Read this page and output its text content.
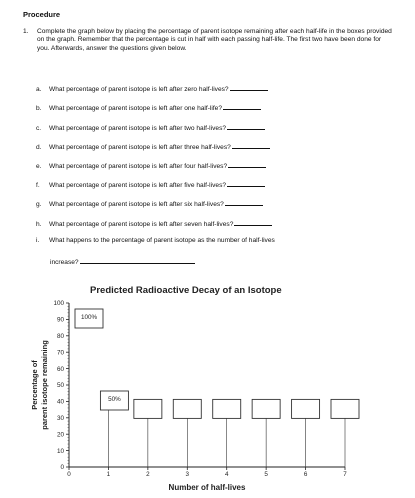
Procedure
1. Complete the graph below by placing the percentage of parent isotope remaining after each half-life in the boxes provided on the graph. Remember that the percentage is cut in half with each passing half-life. The first two have been done for you. Afterwards, answer the questions given below.
a. What percentage of parent isotope is left after zero half-lives?
b. What percentage of parent isotope is left after one half-life?
c. What percentage of parent isotope is left after two half-lives?
d. What percentage of parent isotope is left after three half-lives?
e. What percentage of parent isotope is left after four half-lives?
f. What percentage of parent isotope is left after five half-lives?
g. What percentage of parent isotope is left after six half-lives?
h. What percentage of parent isotope is left after seven half-lives?
i. What happens to the percentage of parent isotope as the number of half-lives
increase?
Predicted Radioactive Decay of an Isotope
0
10
20
30
40
50
60
70
80
90
100
0	1	2	3	4	5	6	7
Number of half-lives
Percentage of parent isotope remaining
100%
50%
